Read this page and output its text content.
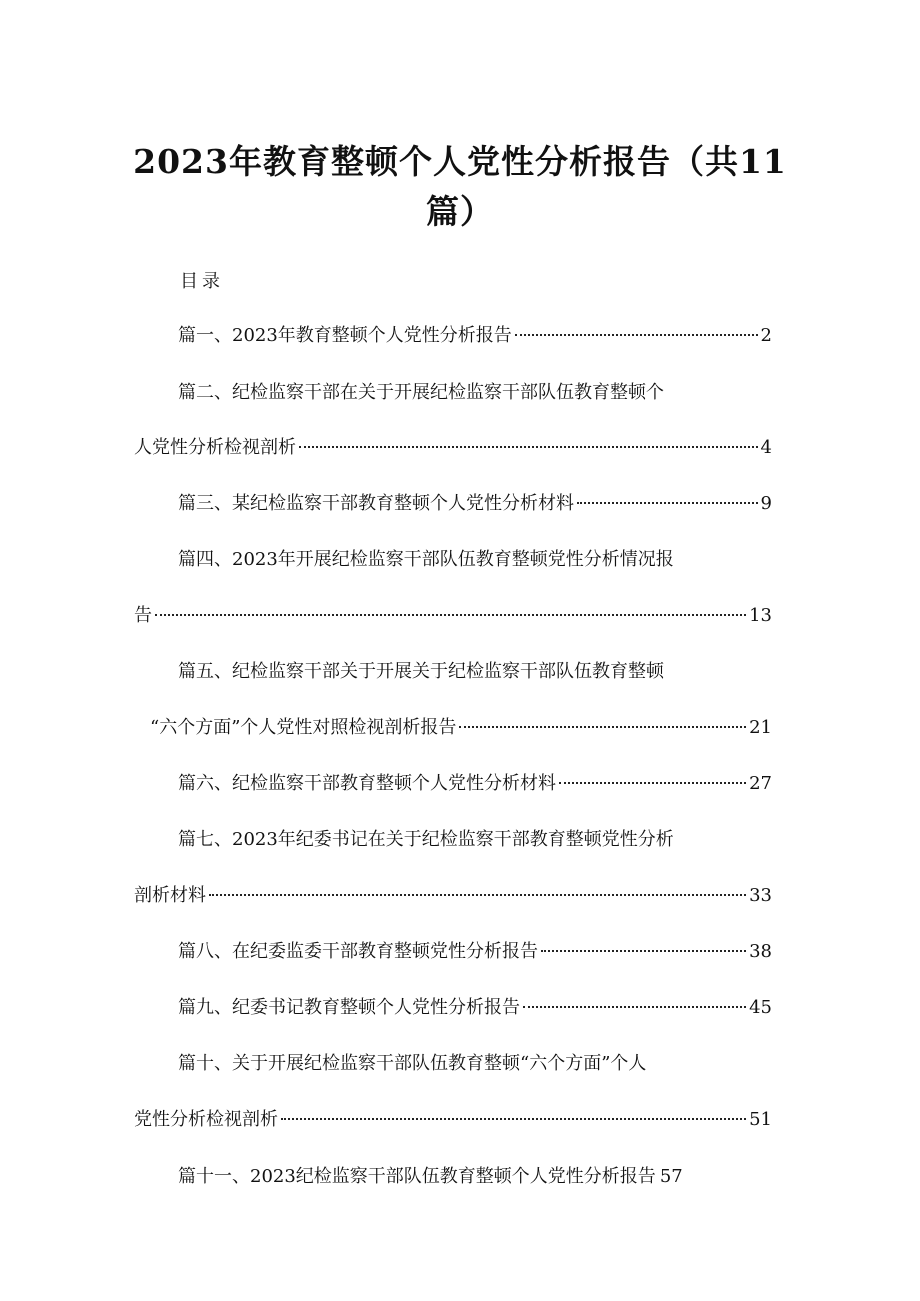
2023年教育整顿个人党性分析报告（共11
篇）
目录
篇一、2023年教育整顿个人党性分析报告	2
篇二、纪检监察干部在关于开展纪检监察干部队伍教育整顿个
人党性分析检视剖析	4
篇三、某纪检监察干部教育整顿个人党性分析材料	9
篇四、2023年开展纪检监察干部队伍教育整顿党性分析情况报
告	13
篇五、纪检监察干部关于开展关于纪检监察干部队伍教育整顿
“六个方面”个人党性对照检视剖析报告	21
篇六、纪检监察干部教育整顿个人党性分析材料	27
篇七、2023年纪委书记在关于纪检监察干部教育整顿党性分析
剖析材料	33
篇八、在纪委监委干部教育整顿党性分析报告	38
篇九、纪委书记教育整顿个人党性分析报告	45
篇十、关于开展纪检监察干部队伍教育整顿“六个方面”个人
党性分析检视剖析	51
篇十一、2023纪检监察干部队伍教育整顿个人党性分析报告 57
